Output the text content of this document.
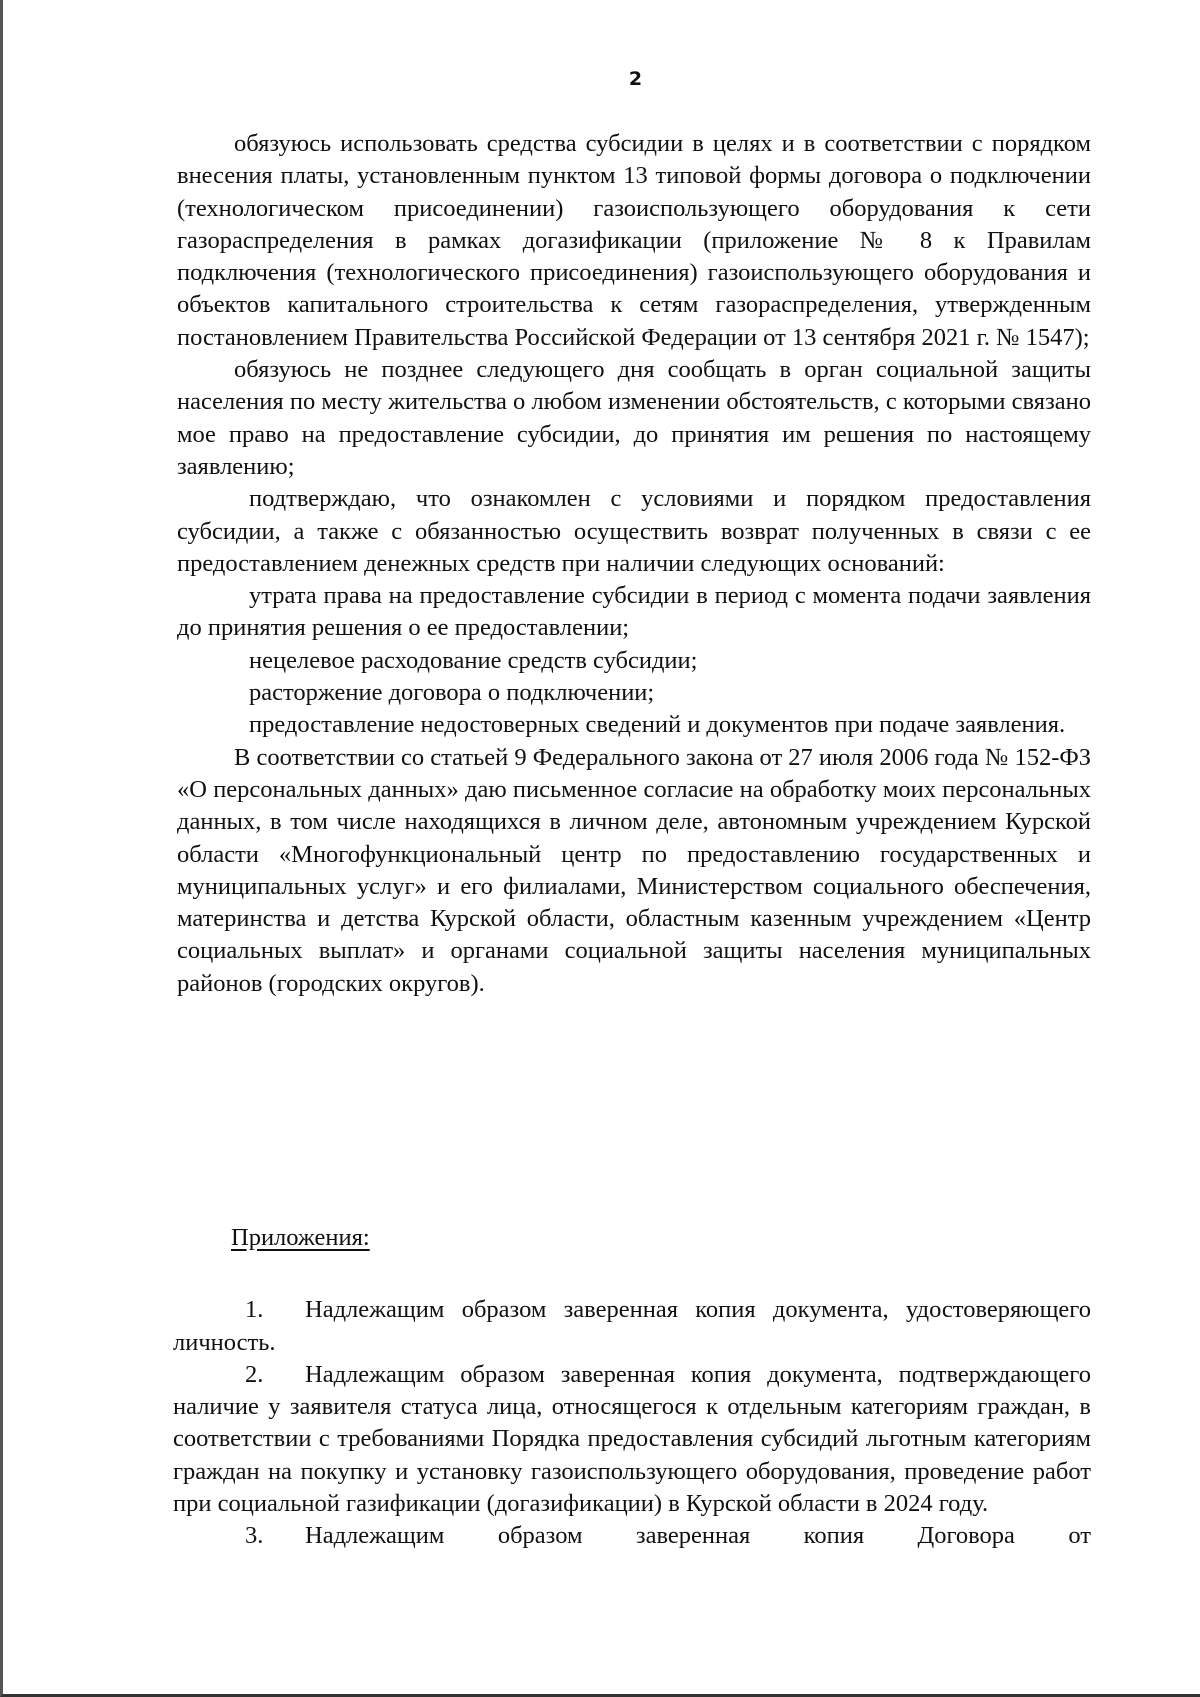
2

обязуюсь использовать средства субсидии в целях и в соответствии с порядком внесения платы, установленным пунктом 13 типовой формы договора о подключении (технологическом присоединении) газоиспользующего оборудования к сети газораспределения в рамках догазификации (приложение № 8 к Правилам подключения (технологического присоединения) газоиспользующего оборудования и объектов капитального строительства к сетям газораспределения, утвержденным постановлением Правительства Российской Федерации от 13 сентября 2021 г. № 1547);

обязуюсь не позднее следующего дня сообщать в орган социальной защиты населения по месту жительства о любом изменении обстоятельств, с которыми связано мое право на предоставление субсидии, до принятия им решения по настоящему заявлению;

подтверждаю, что ознакомлен с условиями и порядком предоставления субсидии, а также с обязанностью осуществить возврат полученных в связи с ее предоставлением денежных средств при наличии следующих оснований:

утрата права на предоставление субсидии в период с момента подачи заявления до принятия решения о ее предоставлении;

нецелевое расходование средств субсидии;

расторжение договора о подключении;

предоставление недостоверных сведений и документов при подаче заявления.

В соответствии со статьей 9 Федерального закона от 27 июля 2006 года № 152-ФЗ «О персональных данных» даю письменное согласие на обработку моих персональных данных, в том числе находящихся в личном деле, автономным учреждением Курской области «Многофункциональный центр по предоставлению государственных и муниципальных услуг» и его филиалами, Министерством социального обеспечения, материнства и детства Курской области, областным казенным учреждением «Центр социальных выплат» и органами социальной защиты населения муниципальных районов (городских округов).

Приложения:

1. Надлежащим образом заверенная копия документа, удостоверяющего личность.

2. Надлежащим образом заверенная копия документа, подтверждающего наличие у заявителя статуса лица, относящегося к отдельным категориям граждан, в соответствии с требованиями Порядка предоставления субсидий льготным категориям граждан на покупку и установку газоиспользующего оборудования, проведение работ при социальной газификации (догазификации) в Курской области в 2024 году.

3. Надлежащим образом заверенная копия Договора от
